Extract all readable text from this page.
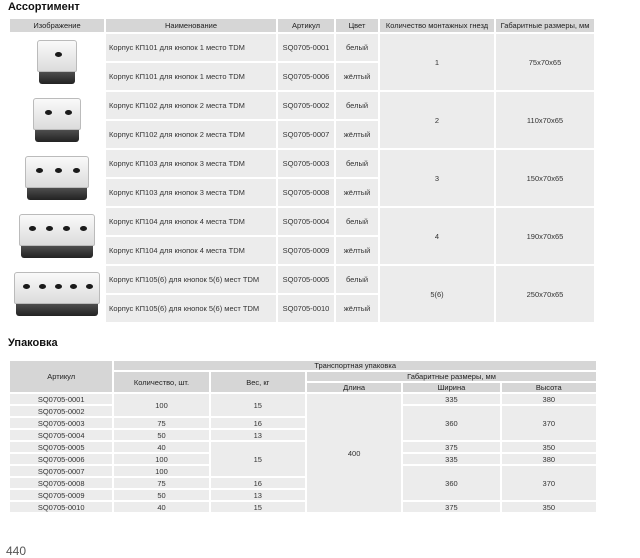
Ассортимент
Изображение	Наименование	Артикул	Цвет	Количество монтажных гнезд	Габаритные размеры, мм

	Корпус КП101 для кнопок 1 место TDM	SQ0705-0001	белый	1	75x70x65
	Корпус КП101 для кнопок 1 место TDM	SQ0705-0006	жёлтый		

	Корпус КП102 для кнопок 2 места TDM	SQ0705-0002	белый	2	110x70x65
	Корпус КП102 для кнопок 2 места TDM	SQ0705-0007	жёлтый		

	Корпус КП103 для кнопок 3 места TDM	SQ0705-0003	белый	3	150x70x65
	Корпус КП103 для кнопок 3 места TDM	SQ0705-0008	жёлтый		

	Корпус КП104 для кнопок 4 места TDM	SQ0705-0004	белый	4	190x70x65
	Корпус КП104 для кнопок 4 места TDM	SQ0705-0009	жёлтый		

	Корпус КП105(6) для кнопок 5(6) мест TDM	SQ0705-0005	белый	5(6)	250x70x65
	Корпус КП105(6) для кнопок 5(6) мест TDM	SQ0705-0010	жёлтый		
Упаковка
Артикул	Транспортная упаковка				
	Количество, шт.	Вес, кг	Габаритные размеры, мм		
			Длина	Ширина	Высота
SQ0705-0001	100	15	400	335	380
SQ0705-0002				360	370
SQ0705-0003	75	16			
SQ0705-0004	50	13			
SQ0705-0005	40	15		375	350
SQ0705-0006	100			335	380
SQ0705-0007	100			360	370
SQ0705-0008	75	16			
SQ0705-0009	50	13			
SQ0705-0010	40	15		375	350
440
